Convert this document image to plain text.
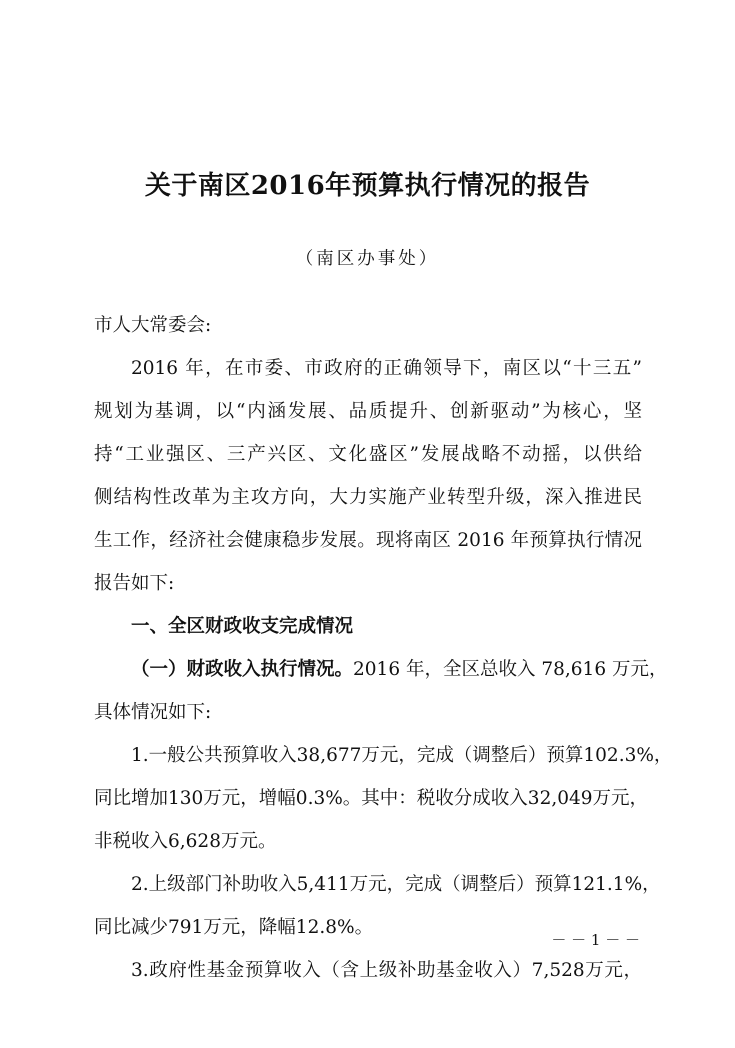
关于南区2016年预算执行情况的报告
（南区办事处）
市人大常委会:
2016 年，在市委、市政府的正确领导下，南区以“十三五”
规划为基调，以“内涵发展、品质提升、创新驱动”为核心，坚
持“工业强区、三产兴区、文化盛区”发展战略不动摇，以供给
侧结构性改革为主攻方向，大力实施产业转型升级，深入推进民
生工作，经济社会健康稳步发展。现将南区 2016 年预算执行情况
报告如下:
一、全区财政收支完成情况
（一）财政收入执行情况。2016 年，全区总收入 78,616 万元，
具体情况如下:
1.一般公共预算收入38,677万元，完成（调整后）预算102.3%，
同比增加130万元，增幅0.3%。其中：税收分成收入32,049万元，
非税收入6,628万元。
2.上级部门补助收入5,411万元，完成（调整后）预算121.1%，
同比减少791万元，降幅12.8%。
3.政府性基金预算收入（含上级补助基金收入）7,528万元，
－ － 1 － －
